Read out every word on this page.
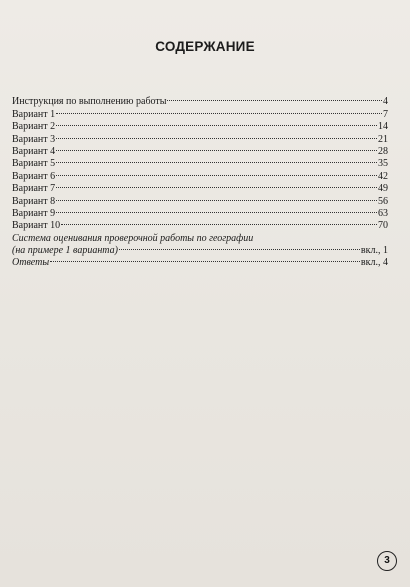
СОДЕРЖАНИЕ
Инструкция по выполнению работы	4
Вариант 1	7
Вариант 2	14
Вариант 3	21
Вариант 4	28
Вариант 5	35
Вариант 6	42
Вариант 7	49
Вариант 8	56
Вариант 9	63
Вариант 10	70
Система оценивания проверочной работы по географии
(на примере 1 варианта)	вкл., 1
Ответы	вкл., 4
3
